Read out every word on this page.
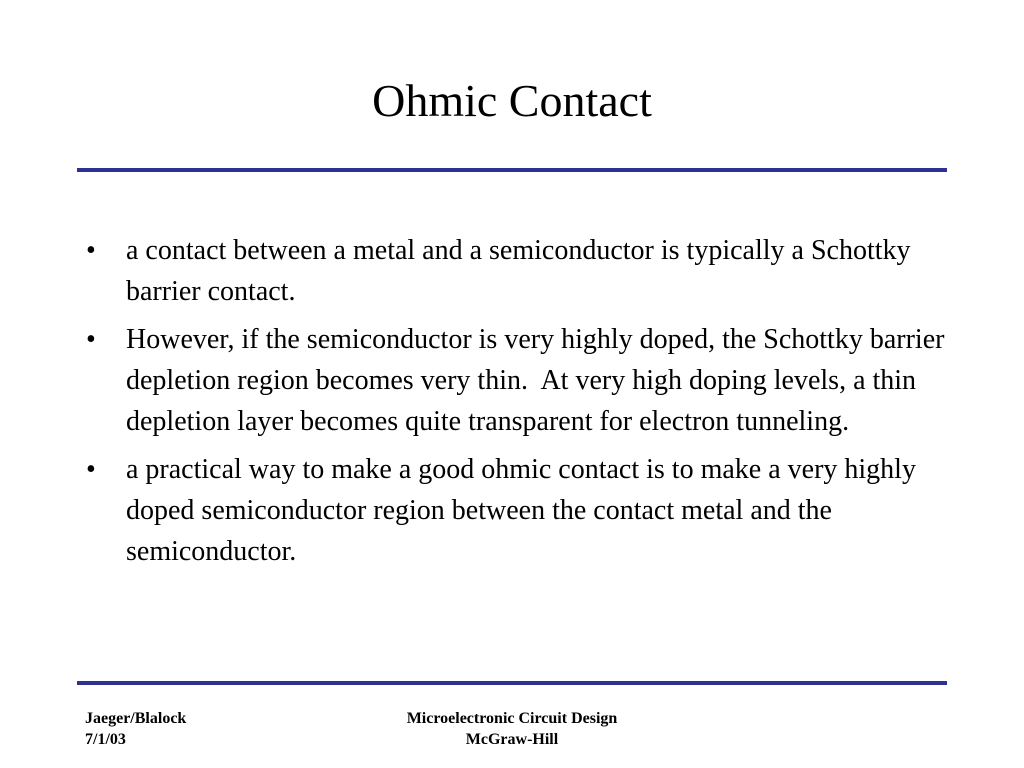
Ohmic Contact
•	a contact between a metal and a semiconductor is typically a Schottky barrier contact.
•	However, if the semiconductor is very highly doped, the Schottky barrier depletion region becomes very thin.  At very high doping levels, a thin depletion layer becomes quite transparent for electron tunneling.
•	a practical way to make a good ohmic contact is to make a very highly doped semiconductor region between the contact metal and the semiconductor.
Jaeger/Blalock
7/1/03
Microelectronic Circuit Design
McGraw-Hill
